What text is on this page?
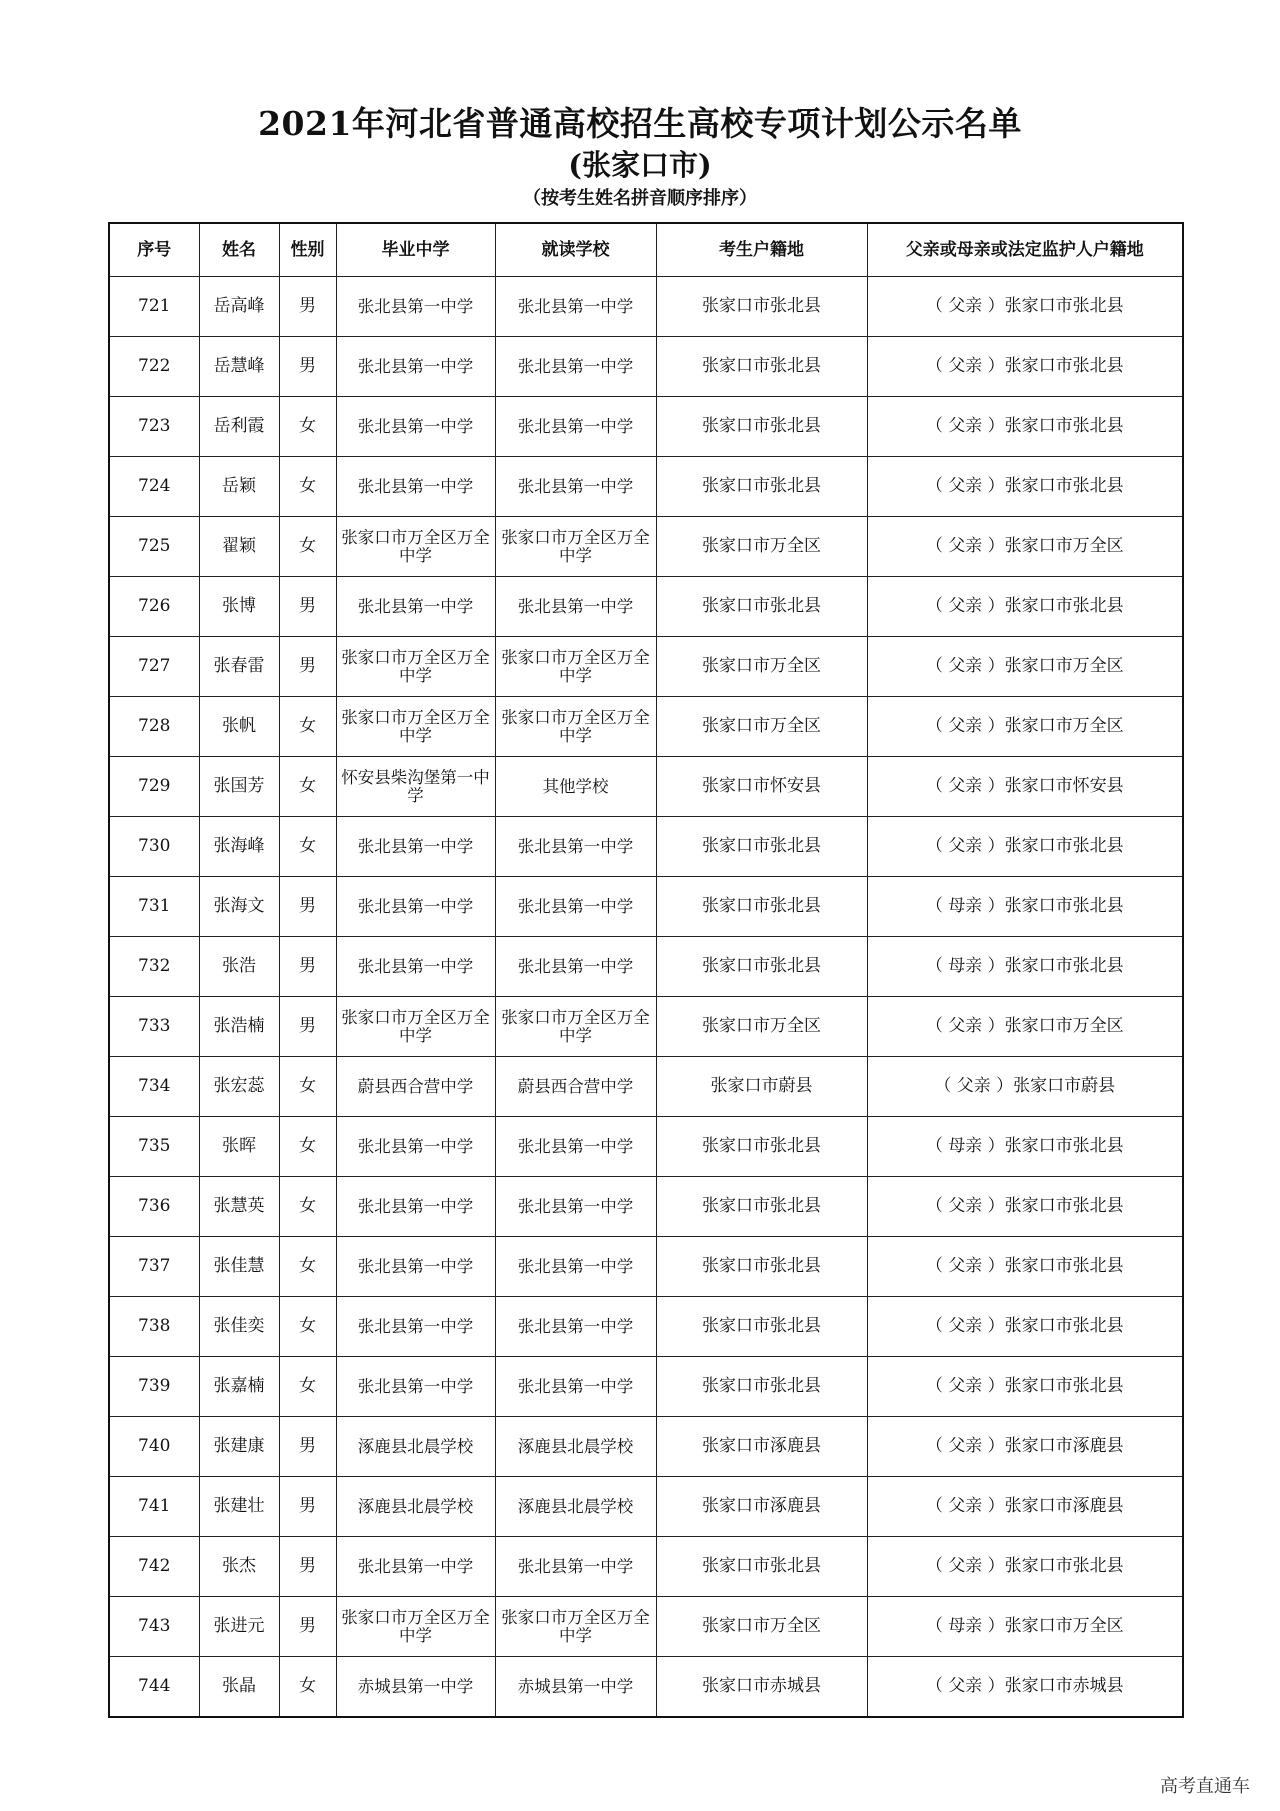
2021年河北省普通高校招生高校专项计划公示名单
(张家口市)
（按考生姓名拼音顺序排序）
序号	姓名	性别	毕业中学	就读学校	考生户籍地	父亲或母亲或法定监护人户籍地
721	岳高峰	男	张北县第一中学	张北县第一中学	张家口市张北县	（ 父亲 ）张家口市张北县
722	岳慧峰	男	张北县第一中学	张北县第一中学	张家口市张北县	（ 父亲 ）张家口市张北县
723	岳利霞	女	张北县第一中学	张北县第一中学	张家口市张北县	（ 父亲 ）张家口市张北县
724	岳颖	女	张北县第一中学	张北县第一中学	张家口市张北县	（ 父亲 ）张家口市张北县
725	翟颖	女	张家口市万全区万全中学	张家口市万全区万全中学	张家口市万全区	（ 父亲 ）张家口市万全区
726	张博	男	张北县第一中学	张北县第一中学	张家口市张北县	（ 父亲 ）张家口市张北县
727	张春雷	男	张家口市万全区万全中学	张家口市万全区万全中学	张家口市万全区	（ 父亲 ）张家口市万全区
728	张帆	女	张家口市万全区万全中学	张家口市万全区万全中学	张家口市万全区	（ 父亲 ）张家口市万全区
729	张国芳	女	怀安县柴沟堡第一中学	其他学校	张家口市怀安县	（ 父亲 ）张家口市怀安县
730	张海峰	女	张北县第一中学	张北县第一中学	张家口市张北县	（ 父亲 ）张家口市张北县
731	张海文	男	张北县第一中学	张北县第一中学	张家口市张北县	（ 母亲 ）张家口市张北县
732	张浩	男	张北县第一中学	张北县第一中学	张家口市张北县	（ 母亲 ）张家口市张北县
733	张浩楠	男	张家口市万全区万全中学	张家口市万全区万全中学	张家口市万全区	（ 父亲 ）张家口市万全区
734	张宏蕊	女	蔚县西合营中学	蔚县西合营中学	张家口市蔚县	（ 父亲 ）张家口市蔚县
735	张晖	女	张北县第一中学	张北县第一中学	张家口市张北县	（ 母亲 ）张家口市张北县
736	张慧英	女	张北县第一中学	张北县第一中学	张家口市张北县	（ 父亲 ）张家口市张北县
737	张佳慧	女	张北县第一中学	张北县第一中学	张家口市张北县	（ 父亲 ）张家口市张北县
738	张佳奕	女	张北县第一中学	张北县第一中学	张家口市张北县	（ 父亲 ）张家口市张北县
739	张嘉楠	女	张北县第一中学	张北县第一中学	张家口市张北县	（ 父亲 ）张家口市张北县
740	张建康	男	涿鹿县北晨学校	涿鹿县北晨学校	张家口市涿鹿县	（ 父亲 ）张家口市涿鹿县
741	张建壮	男	涿鹿县北晨学校	涿鹿县北晨学校	张家口市涿鹿县	（ 父亲 ）张家口市涿鹿县
742	张杰	男	张北县第一中学	张北县第一中学	张家口市张北县	（ 父亲 ）张家口市张北县
743	张进元	男	张家口市万全区万全中学	张家口市万全区万全中学	张家口市万全区	（ 母亲 ）张家口市万全区
744	张晶	女	赤城县第一中学	赤城县第一中学	张家口市赤城县	（ 父亲 ）张家口市赤城县
高考直通车
